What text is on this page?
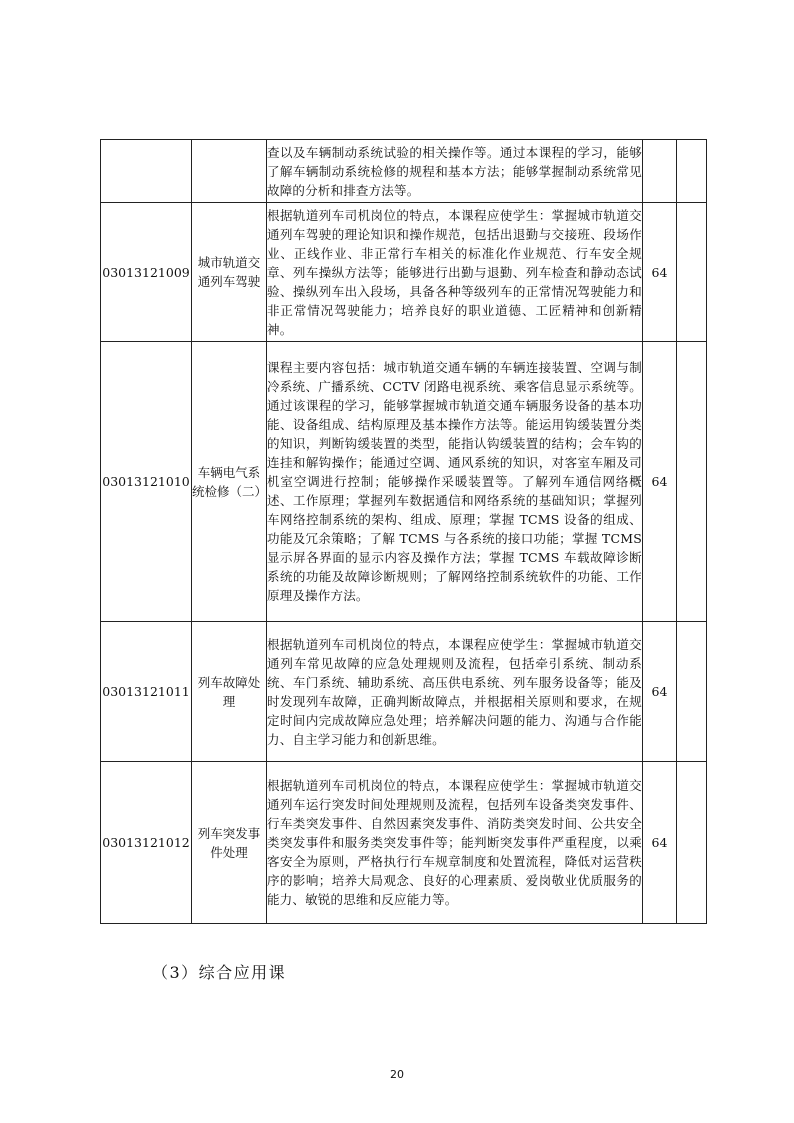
		查以及车辆制动系统试验的相关操作等。通过本课程的学习，能够了解车辆制动系统检修的规程和基本方法；能够掌握制动系统常见故障的分析和排查方法等。		
03013121009	城市轨道交通列车驾驶	根据轨道列车司机岗位的特点，本课程应使学生：掌握城市轨道交通列车驾驶的理论知识和操作规范，包括出退勤与交接班、段场作业、正线作业、非正常行车相关的标准化作业规范、行车安全规章、列车操纵方法等；能够进行出勤与退勤、列车检查和静动态试验、操纵列车出入段场，具备各种等级列车的正常情况驾驶能力和非正常情况驾驶能力；培养良好的职业道德、工匠精神和创新精神。	64	
03013121010	车辆电气系统检修（二）	课程主要内容包括：城市轨道交通车辆的车辆连接装置、空调与制冷系统、广播系统、CCTV 闭路电视系统、乘客信息显示系统等。通过该课程的学习，能够掌握城市轨道交通车辆服务设备的基本功能、设备组成、结构原理及基本操作方法等。能运用钩缓装置分类的知识，判断钩缓装置的类型，能指认钩缓装置的结构；会车钩的连挂和解钩操作；能通过空调、通风系统的知识，对客室车厢及司机室空调进行控制；能够操作采暖装置等。了解列车通信网络概述、工作原理；掌握列车数据通信和网络系统的基础知识；掌握列车网络控制系统的架构、组成、原理；掌握 TCMS 设备的组成、功能及冗余策略；了解 TCMS 与各系统的接口功能；掌握 TCMS 显示屏各界面的显示内容及操作方法；掌握 TCMS 车载故障诊断系统的功能及故障诊断规则；了解网络控制系统软件的功能、工作原理及操作方法。	64	
03013121011	列车故障处理	根据轨道列车司机岗位的特点，本课程应使学生：掌握城市轨道交通列车常见故障的应急处理规则及流程，包括牵引系统、制动系统、车门系统、辅助系统、高压供电系统、列车服务设备等；能及时发现列车故障，正确判断故障点，并根据相关原则和要求，在规定时间内完成故障应急处理；培养解决问题的能力、沟通与合作能力、自主学习能力和创新思维。	64	
03013121012	列车突发事件处理	根据轨道列车司机岗位的特点，本课程应使学生：掌握城市轨道交通列车运行突发时间处理规则及流程，包括列车设备类突发事件、行车类突发事件、自然因素突发事件、消防类突发时间、公共安全类突发事件和服务类突发事件等；能判断突发事件严重程度，以乘客安全为原则，严格执行行车规章制度和处置流程，降低对运营秩序的影响；培养大局观念、良好的心理素质、爱岗敬业优质服务的能力、敏锐的思维和反应能力等。	64	
（3）综合应用课
20
